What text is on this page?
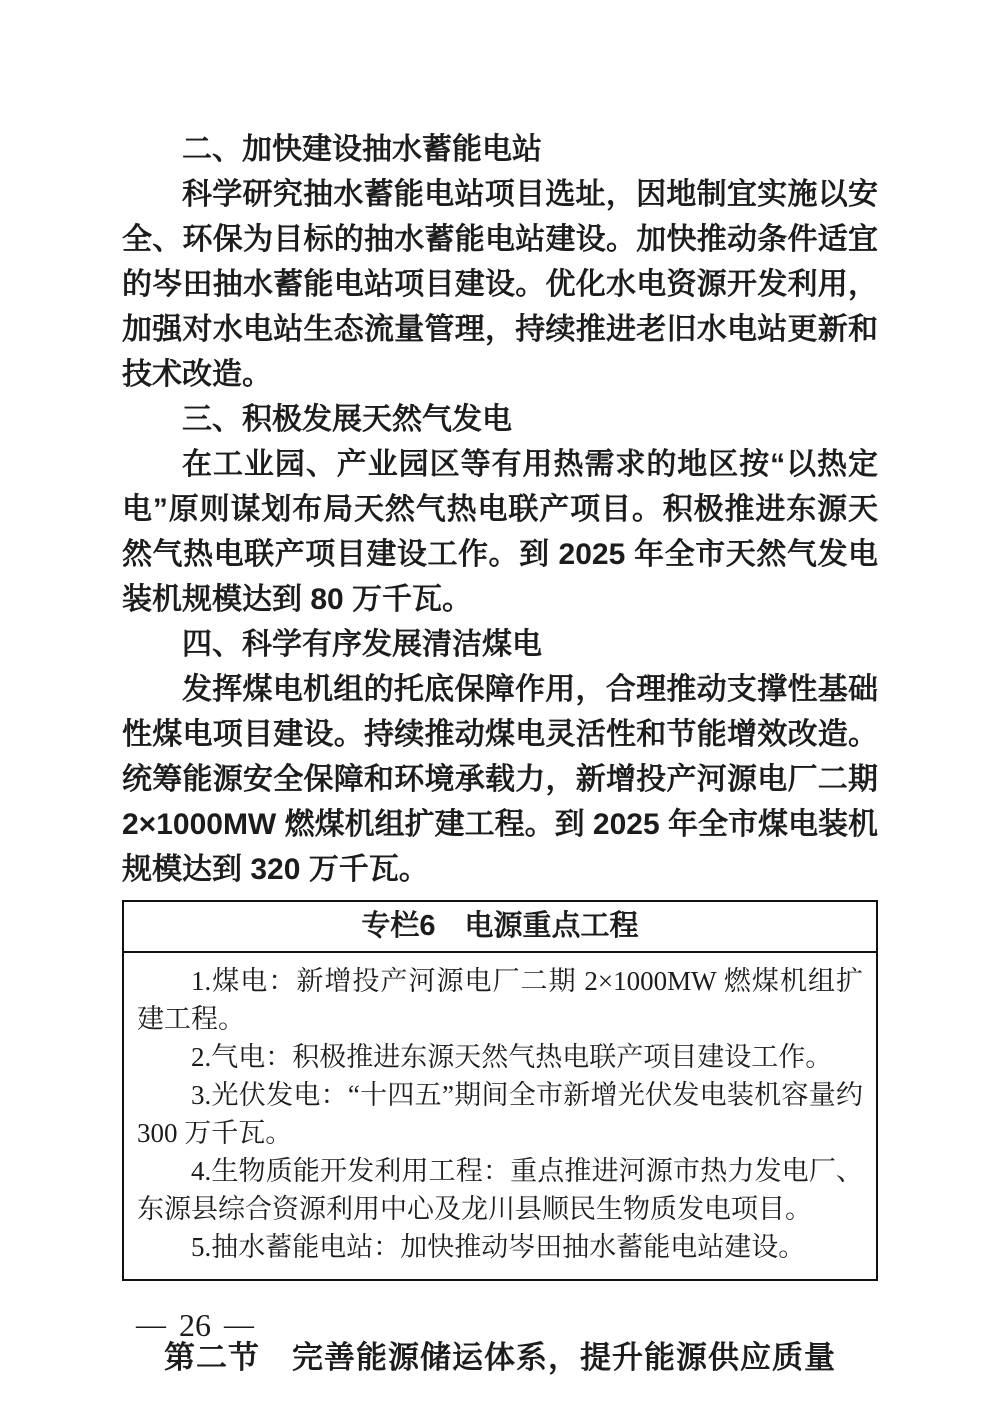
二、加快建设抽水蓄能电站

科学研究抽水蓄能电站项目选址，因地制宜实施以安全、环保为目标的抽水蓄能电站建设。加快推动条件适宜的岑田抽水蓄能电站项目建设。优化水电资源开发利用，加强对水电站生态流量管理，持续推进老旧水电站更新和技术改造。

三、积极发展天然气发电

在工业园、产业园区等有用热需求的地区按“以热定电”原则谋划布局天然气热电联产项目。积极推进东源天然气热电联产项目建设工作。到 2025 年全市天然气发电装机规模达到 80 万千瓦。

四、科学有序发展清洁煤电

发挥煤电机组的托底保障作用，合理推动支撑性基础性煤电项目建设。持续推动煤电灵活性和节能增效改造。统筹能源安全保障和环境承载力，新增投产河源电厂二期 2×1000MW 燃煤机组扩建工程。到 2025 年全市煤电装机规模达到 320 万千瓦。

专栏6　电源重点工程

1.煤电：新增投产河源电厂二期 2×1000MW 燃煤机组扩建工程。

2.气电：积极推进东源天然气热电联产项目建设工作。

3.光伏发电：“十四五”期间全市新增光伏发电装机容量约 300 万千瓦。

4.生物质能开发利用工程：重点推进河源市热力发电厂、东源县综合资源利用中心及龙川县顺民生物质发电项目。

5.抽水蓄能电站：加快推动岑田抽水蓄能电站建设。

第二节　完善能源储运体系，提升能源供应质量
— 26 —
